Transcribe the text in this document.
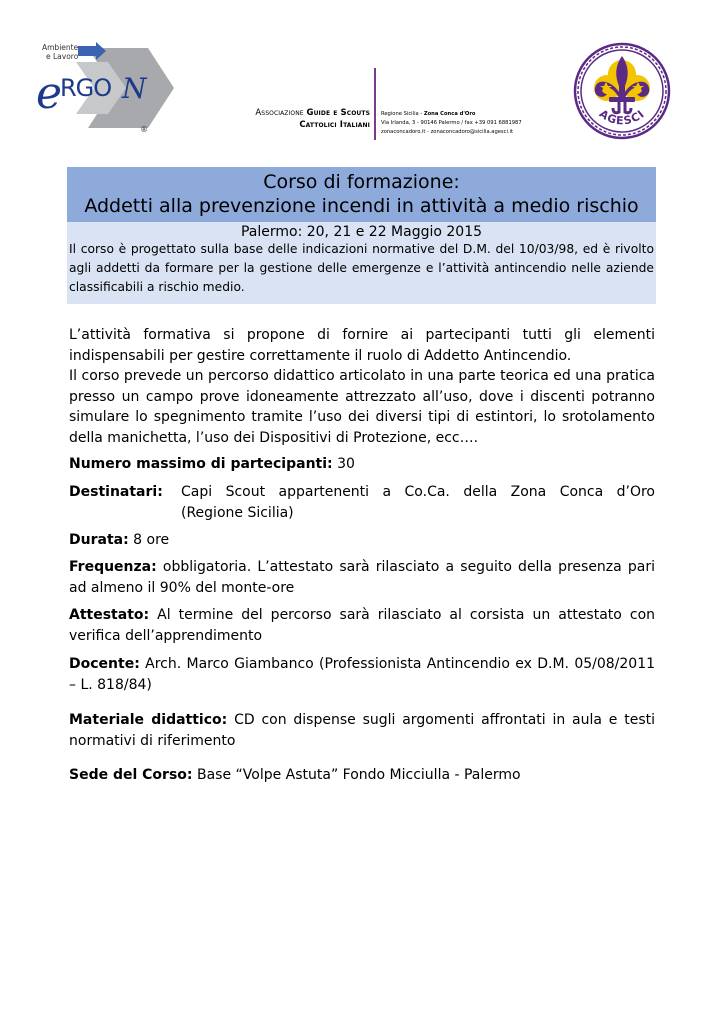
Ambiente
e Lavoro
e
RGO N
®
Associazione Guide e Scouts
Cattolici Italiani
Regione Sicilia - Zona Conca d'Oro
Via Irlanda, 3 - 90146 Palermo / fax +39 091 6881987
zonaconcadoro.it - zonaconcadoro@sicilia.agesci.it
AGESCI
Corso di formazione:
Addetti alla prevenzione incendi in attività a medio rischio
Palermo: 20, 21 e 22 Maggio 2015
Il corso è progettato sulla base delle indicazioni normative del D.M. del 10/03/98, ed è rivolto agli addetti da formare per la gestione delle emergenze e l’attività antincendio nelle aziende classificabili a rischio medio.
L’attività formativa si propone di fornire ai partecipanti tutti gli elementi indispensabili per gestire correttamente il ruolo di Addetto Antincendio.
Il corso prevede un percorso didattico articolato in una parte teorica ed una pratica presso un campo prove idoneamente attrezzato all’uso, dove i discenti potranno simulare lo spegnimento tramite l’uso dei diversi tipi di estintori, lo srotolamento della manichetta, l’uso dei Dispositivi di Protezione, ecc….
Numero massimo di partecipanti: 30
Destinatari: Capi Scout appartenenti a Co.Ca. della Zona Conca d’Oro
(Regione Sicilia)
Durata: 8 ore
Frequenza: obbligatoria. L’attestato sarà rilasciato a seguito della presenza pari ad almeno il 90% del monte-ore
Attestato: Al termine del percorso sarà rilasciato al corsista un attestato con verifica dell’apprendimento
Docente: Arch. Marco Giambanco (Professionista Antincendio ex D.M. 05/08/2011 – L. 818/84)
Materiale didattico: CD con dispense sugli argomenti affrontati in aula e testi normativi di riferimento
Sede del Corso: Base “Volpe Astuta” Fondo Micciulla - Palermo
